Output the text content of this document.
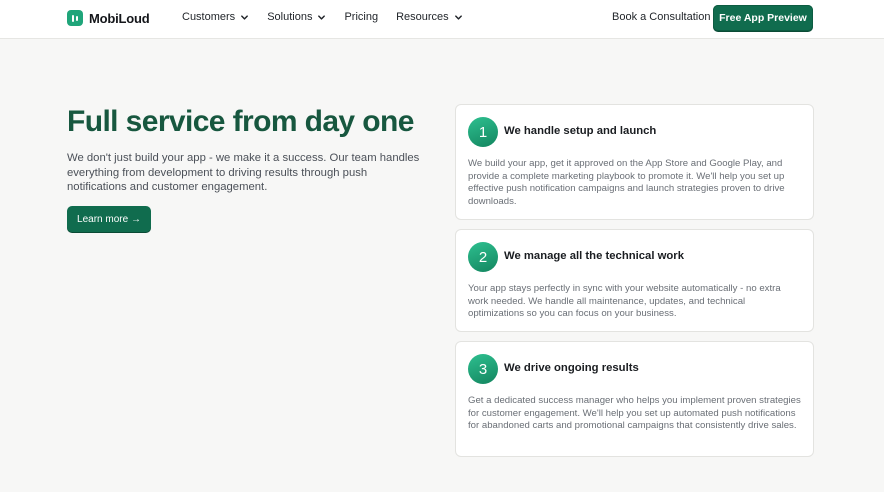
MobiLoud	Customers	Solutions	Pricing Resources	Book a Consultation Free App Preview
Full service from day one

We don't just build your app - we make it a success. Our team handles everything from development to driving results through push notifications and customer engagement.

Learn more →
1	We handle setup and launch
We build your app, get it approved on the App Store and Google Play, and provide a complete marketing playbook to promote it. We'll help you set up effective push notification campaigns and launch strategies proven to drive downloads.
2	We manage all the technical work
Your app stays perfectly in sync with your website automatically - no extra work needed. We handle all maintenance, updates, and technical optimizations so you can focus on your business.
3	We drive ongoing results
Get a dedicated success manager who helps you implement proven strategies for customer engagement. We'll help you set up automated push notifications for abandoned carts and promotional campaigns that consistently drive sales.
